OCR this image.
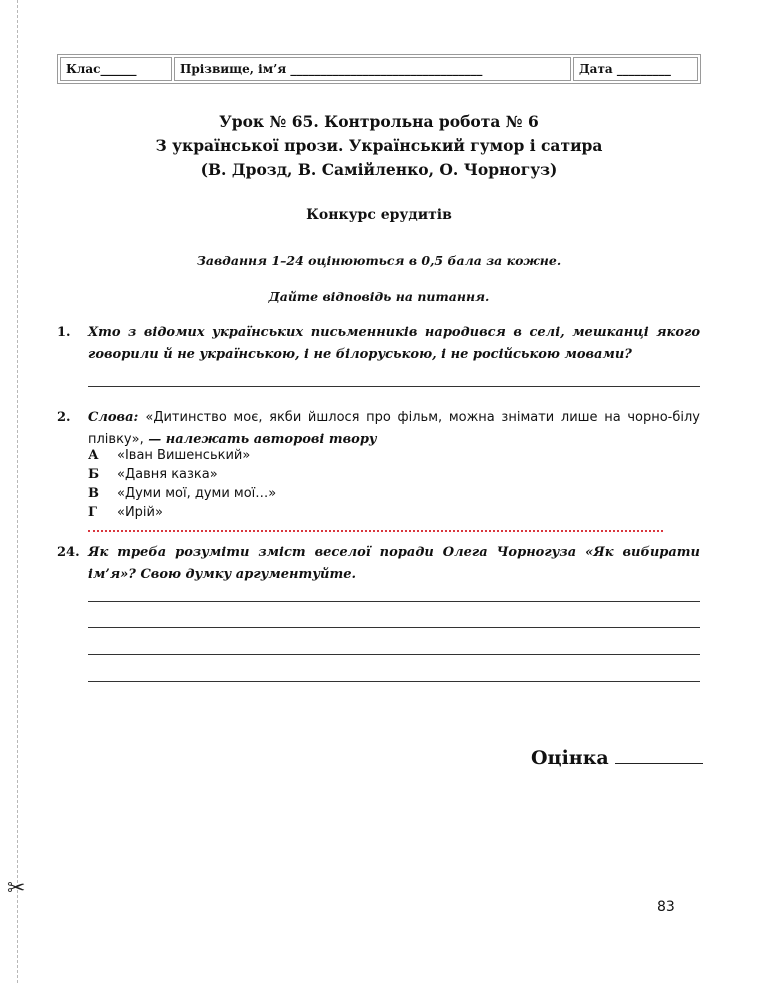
✂
Клас______	Прізвище, ім’я ________________________________	Дата _________
Урок № 65. Контрольна робота № 6
З української прози. Український гумор і сатира
(В. Дрозд, В. Самійленко, О. Чорногуз)
Конкурс ерудитів
Завдання 1–24 оцінюються в 0,5 бала за кожне.
Дайте відповідь на питання.
1. Хто з відомих українських письменників народився в селі, мешканці якого говорили й не українською, і не білоруською, і не російською мовами?
2. Слова: «Дитинство моє, якби йшлося про фільм, можна знімати лише на чорно-білу плівку», — належать авторові твору
А «Іван Вишенський»
Б «Давня казка»
В «Думи мої, думи мої…»
Г «Ирій»
24. Як треба розуміти зміст веселої поради Олега Чорногуза «Як вибирати ім’я»? Свою думку аргументуйте.
Оцінка
83
